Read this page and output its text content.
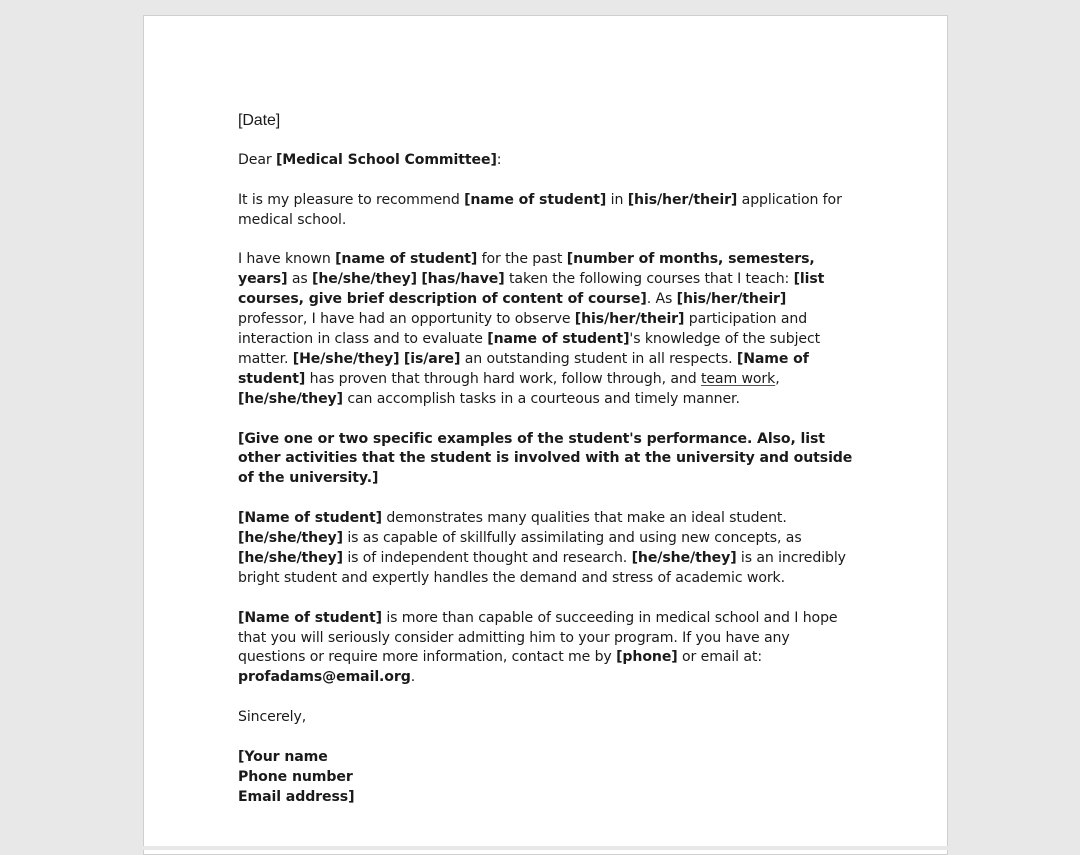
[Date]

Dear [Medical School Committee]:

It is my pleasure to recommend [name of student] in [his/her/their] application for medical school.

I have known [name of student] for the past [number of months, semesters, years] as [he/she/they] [has/have] taken the following courses that I teach: [list courses, give brief description of content of course]. As [his/her/their] professor, I have had an opportunity to observe [his/her/their] participation and interaction in class and to evaluate [name of student]'s knowledge of the subject matter. [He/she/they] [is/are] an outstanding student in all respects. [Name of student] has proven that through hard work, follow through, and team work, [he/she/they] can accomplish tasks in a courteous and timely manner.

[Give one or two specific examples of the student's performance. Also, list other activities that the student is involved with at the university and outside of the university.]

[Name of student] demonstrates many qualities that make an ideal student. [he/she/they] is as capable of skillfully assimilating and using new concepts, as [he/she/they] is of independent thought and research. [he/she/they] is an incredibly bright student and expertly handles the demand and stress of academic work.

[Name of student] is more than capable of succeeding in medical school and I hope that you will seriously consider admitting him to your program. If you have any questions or require more information, contact me by [phone] or email at: profadams@email.org.

Sincerely,

[Your name
Phone number
Email address]
